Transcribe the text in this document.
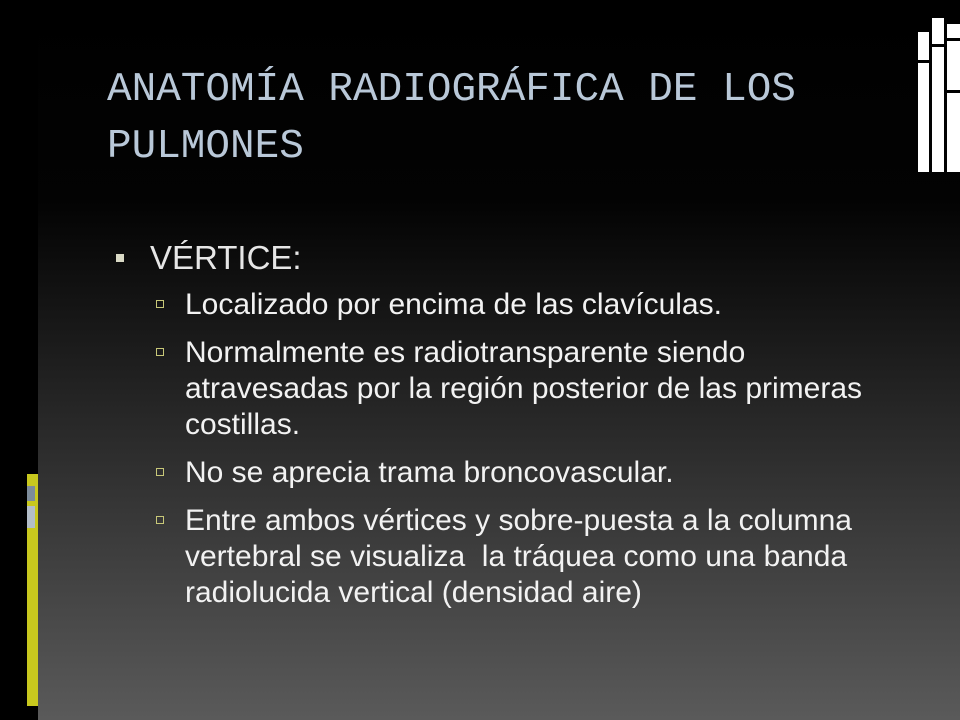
ANATOMÍA RADIOGRÁFICA DE LOS PULMONES
VÉRTICE:
Localizado por encima de las clavículas.
Normalmente es radiotransparente siendo atravesadas por la región posterior de las primeras costillas.
No se aprecia trama broncovascular.
Entre ambos vértices y sobre-puesta a la columna vertebral se visualiza  la tráquea como una banda radiolucida vertical (densidad aire)
